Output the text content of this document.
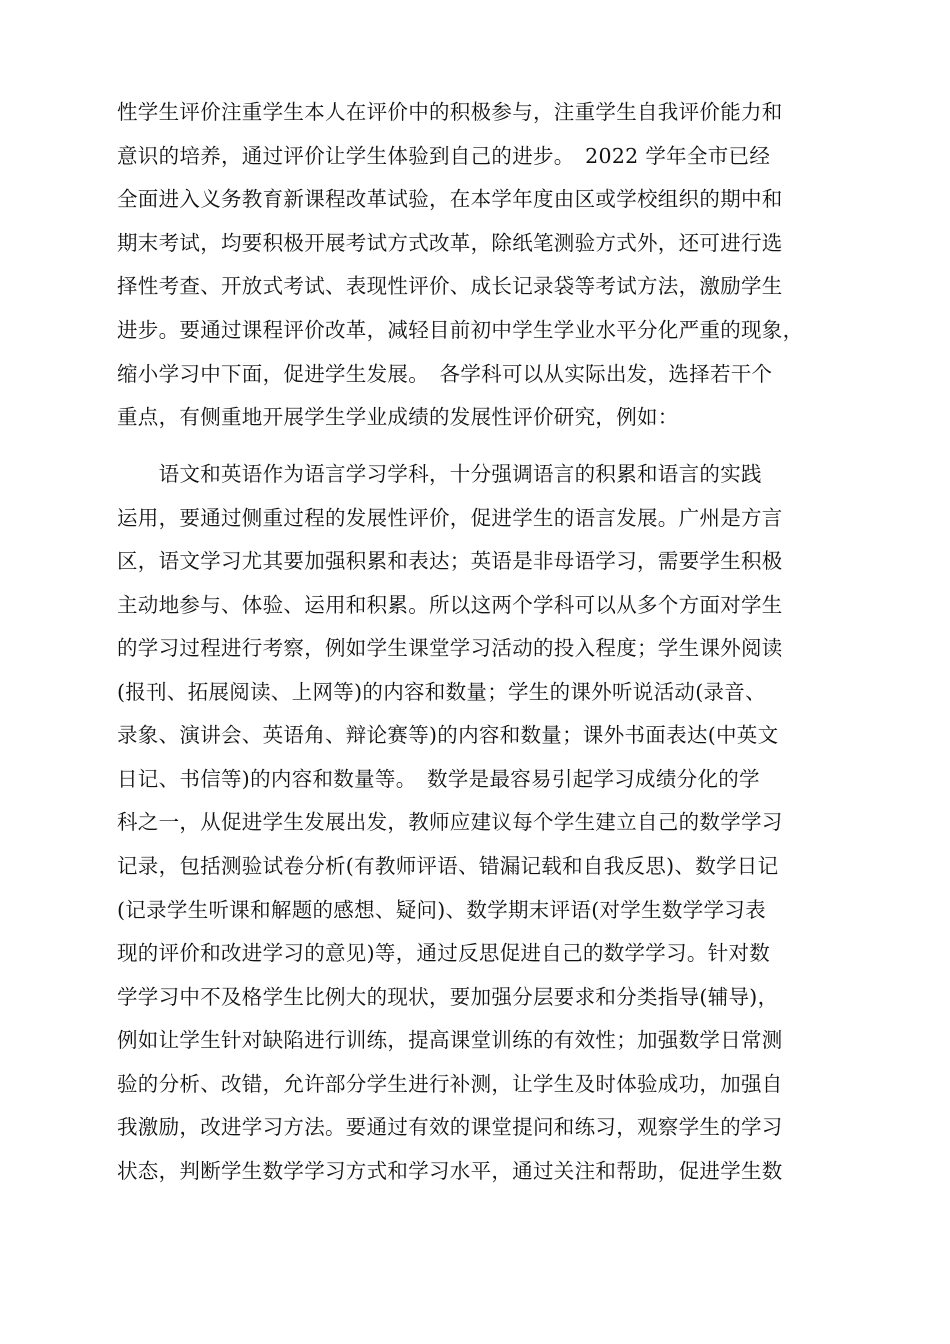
性学生评价注重学生本人在评价中的积极参与，注重学生自我评价能力和
意识的培养，通过评价让学生体验到自己的进步。　2022 学年全市已经
全面进入义务教育新课程改革试验，在本学年度由区或学校组织的期中和
期末考试，均要积极开展考试方式改革，除纸笔测验方式外，还可进行选
择性考查、开放式考试、表现性评价、成长记录袋等考试方法，激励学生
进步。要通过课程评价改革，减轻目前初中学生学业水平分化严重的现象，
缩小学习中下面，促进学生发展。　各学科可以从实际出发，选择若干个
重点，有侧重地开展学生学业成绩的发展性评价研究，例如：
　　语文和英语作为语言学习学科，十分强调语言的积累和语言的实践
运用，要通过侧重过程的发展性评价，促进学生的语言发展。广州是方言
区，语文学习尤其要加强积累和表达；英语是非母语学习，需要学生积极
主动地参与、体验、运用和积累。所以这两个学科可以从多个方面对学生
的学习过程进行考察，例如学生课堂学习活动的投入程度；学生课外阅读
(报刊、拓展阅读、上网等)的内容和数量；学生的课外听说活动(录音、
录象、演讲会、英语角、辩论赛等)的内容和数量；课外书面表达(中英文
日记、书信等)的内容和数量等。　数学是最容易引起学习成绩分化的学
科之一，从促进学生发展出发，教师应建议每个学生建立自己的数学学习
记录，包括测验试卷分析(有教师评语、错漏记载和自我反思)、数学日记
(记录学生听课和解题的感想、疑问)、数学期末评语(对学生数学学习表
现的评价和改进学习的意见)等，通过反思促进自己的数学学习。针对数
学学习中不及格学生比例大的现状，要加强分层要求和分类指导(辅导)，
例如让学生针对缺陷进行训练，提高课堂训练的有效性；加强数学日常测
验的分析、改错，允许部分学生进行补测，让学生及时体验成功，加强自
我激励，改进学习方法。要通过有效的课堂提问和练习，观察学生的学习
状态，判断学生数学学习方式和学习水平，通过关注和帮助，促进学生数
